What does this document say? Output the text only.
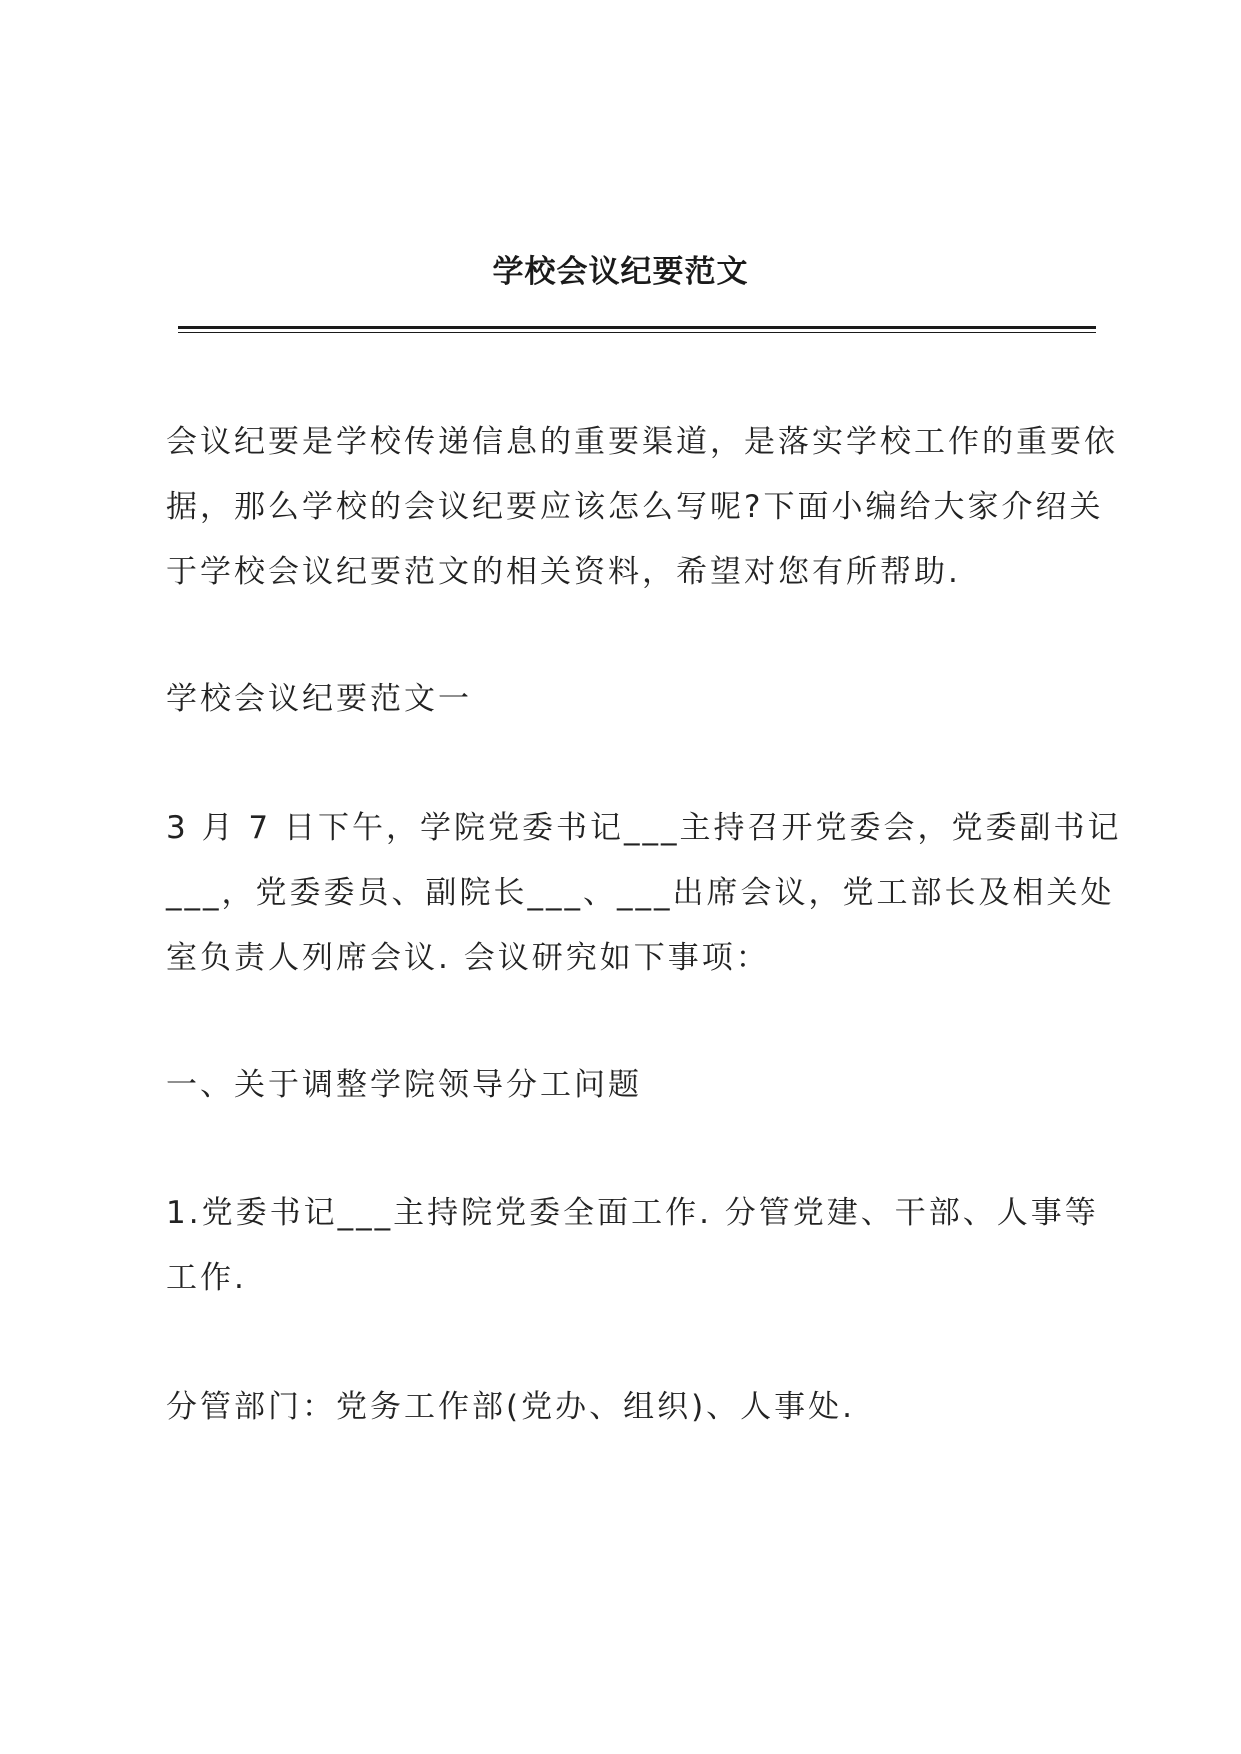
学校会议纪要范文
会议纪要是学校传递信息的重要渠道，是落实学校工作的重要依
据，那么学校的会议纪要应该怎么写呢?下面小编给大家介绍关
于学校会议纪要范文的相关资料，希望对您有所帮助.
学校会议纪要范文一
3 月 7 日下午，学院党委书记___主持召开党委会，党委副书记
___，党委委员、副院长___、___出席会议，党工部长及相关处
室负责人列席会议. 会议研究如下事项：
一、关于调整学院领导分工问题
1.党委书记___主持院党委全面工作. 分管党建、干部、人事等
工作.
分管部门：党务工作部(党办、组织)、人事处.
